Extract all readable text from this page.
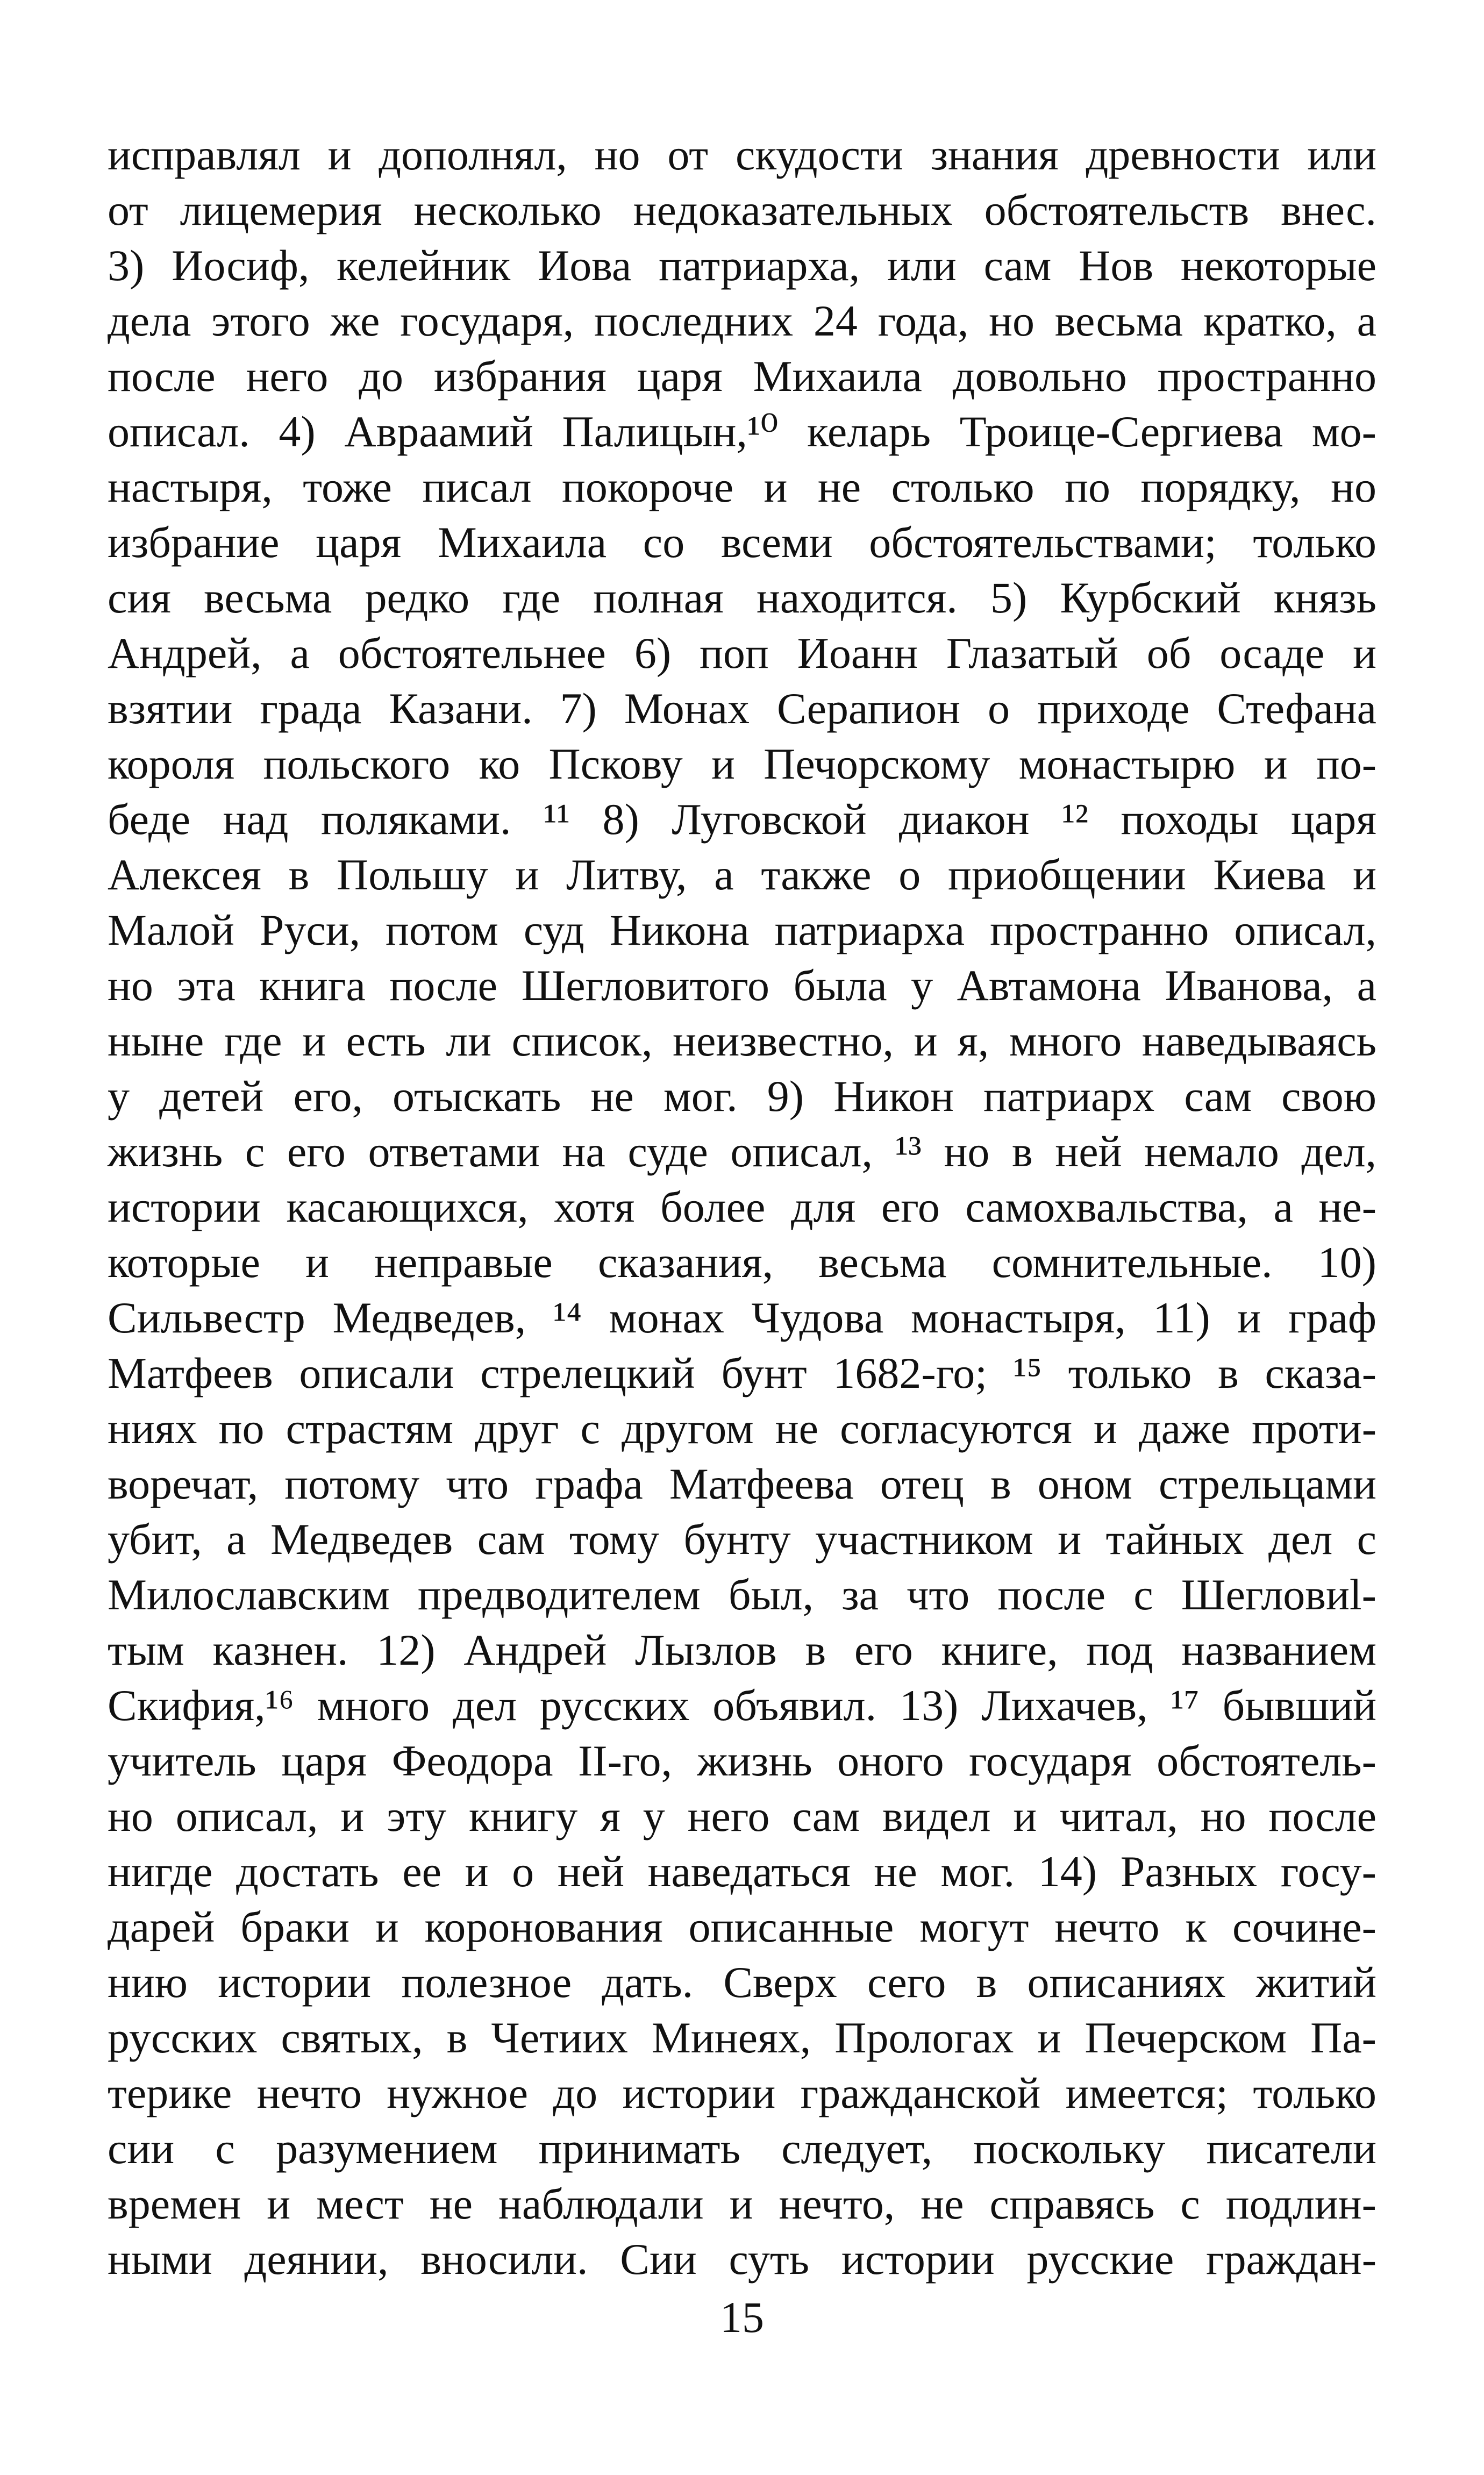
исправлял и дополнял, но от скудости знания древности или
от лицемерия несколько недоказательных обстоятельств внес.
3) Иосиф, келейник Иова патриарха, или сам Нов некоторые
дела этого же государя, последних 24 года, но весьма кратко, а
после него до избрания царя Михаила довольно пространно
описал. 4) Авраамий Палицын,¹⁰ келарь Троице-Сергиева мо-
настыря, тоже писал покороче и не столько по порядку, но
избрание царя Михаила со всеми обстоятельствами; только
сия весьма редко где полная находится. 5) Курбский князь
Андрей, а обстоятельнее 6) поп Иоанн Глазатый об осаде и
взятии града Казани. 7) Монах Серапион о приходе Стефана
короля польского ко Пскову и Печорскому монастырю и по-
беде над поляками. ¹¹ 8) Луговской диакон ¹² походы царя
Алексея в Польшу и Литву, а также о приобщении Киева и
Малой Руси, потом суд Никона патриарха пространно описал,
но эта книга после Шегловитого была у Автамона Иванова, а
ныне где и есть ли список, неизвестно, и я, много наведываясь
у детей его, отыскать не мог. 9) Никон патриарх сам свою
жизнь с его ответами на суде описал, ¹³ но в ней немало дел,
истории касающихся, хотя более для его самохвальства, а не-
которые и неправые сказания, весьма сомнительные. 10)
Сильвестр Медведев, ¹⁴ монах Чудова монастыря, 11) и граф
Матфеев описали стрелецкий бунт 1682-го; ¹⁵ только в сказа-
ниях по страстям друг с другом не согласуются и даже проти-
воречат, потому что графа Матфеева отец в оном стрельцами
убит, а Медведев сам тому бунту участником и тайных дел с
Милославским предводителем был, за что после с Шегловиl-
тым казнен. 12) Андрей Лызлов в его книге, под названием
Скифия,¹⁶ много дел русских объявил. 13) Лихачев, ¹⁷ бывший
учитель царя Феодора II-го, жизнь оного государя обстоятель-
но описал, и эту книгу я у него сам видел и читал, но после
нигде достать ее и о ней наведаться не мог. 14) Разных госу-
дарей браки и коронования описанные могут нечто к сочине-
нию истории полезное дать. Сверх сего в описаниях житий
русских святых, в Четиих Минеях, Прологах и Печерском Па-
терике нечто нужное до истории гражданской имеется; только
сии с разумением принимать следует, поскольку писатели
времен и мест не наблюдали и нечто, не справясь с подлин-
ными деянии, вносили. Сии суть истории русские граждан-
15
